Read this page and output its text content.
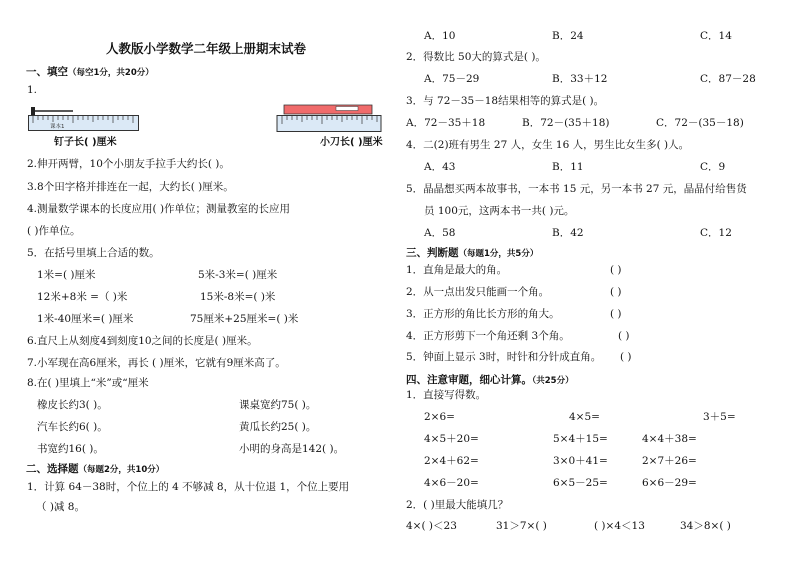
人教版小学数学二年级上册期末试卷
一、填空（每空1分，共20分）
1.
课本1
钉子长( )厘米	小刀长( )厘米
2.伸开两臂，10个小朋友手拉手大约长( )。
3.8个田字格并排连在一起，大约长( )厘米。
4.测量数学课本的长度应用( )作单位；测量教室的长应用
( )作单位。
5．在括号里填上合适的数。
1米=( )厘米	5米-3米=( )厘米
12米+8米 =（ )米	15米-8米=( )米
1米-40厘米=( )厘米	75厘米+25厘米=( )米
6.直尺上从刻度4到刻度10之间的长度是( )厘米。
7.小军现在高6厘米，再长 ( )厘米，它就有9厘米高了。
8.在( )里填上“米”或“厘米
橡皮长约3( )。	课桌宽约75( )。
汽车长约6( )。	黄瓜长约25( )。
书宽约16( )。	小明的身高是142( )。
二、选择题（每题2分，共10分）
1．计算 64－38时，个位上的 4 不够减 8，从十位退 1，个位上要用
（ )减 8。
A．10	B．24	C．14
2．得数比 50大的算式是( )。
A．75－29	B．33＋12	C．87－28
3．与 72－35－18结果相等的算式是( )。
A．72－35＋18	B．72－(35＋18)	C．72－(35－18)
4．二(2)班有男生 27 人，女生 16 人，男生比女生多( )人。
A．43	B．11	C．9
5．晶晶想买两本故事书，一本书 15 元，另一本书 27 元，晶晶付给售货
员 100元，这两本书一共( )元。
A．58	B．42	C．12
三、判断题（每题1分，共5分）
1．直角是最大的角。	( )
2．从一点出发只能画一个角。	( )
3．正方形的角比长方形的角大。	( )
4．正方形剪下一个角还剩 3个角。	( )
5．钟面上显示 3时，时针和分针成直角。 ( )
四、注意审题，细心计算。（共25分）
1．直接写得数。
2×6=	4×5=	3＋5=
4×5＋20=	5×4＋15=	4×4＋38=
2×4＋62=	3×0＋41=	2×7＋26=
4×6－20=	6×5－25=	6×6－29=
2．( )里最大能填几？
4×( )＜23	31＞7×( )	( )×4＜13	34＞8×( )
